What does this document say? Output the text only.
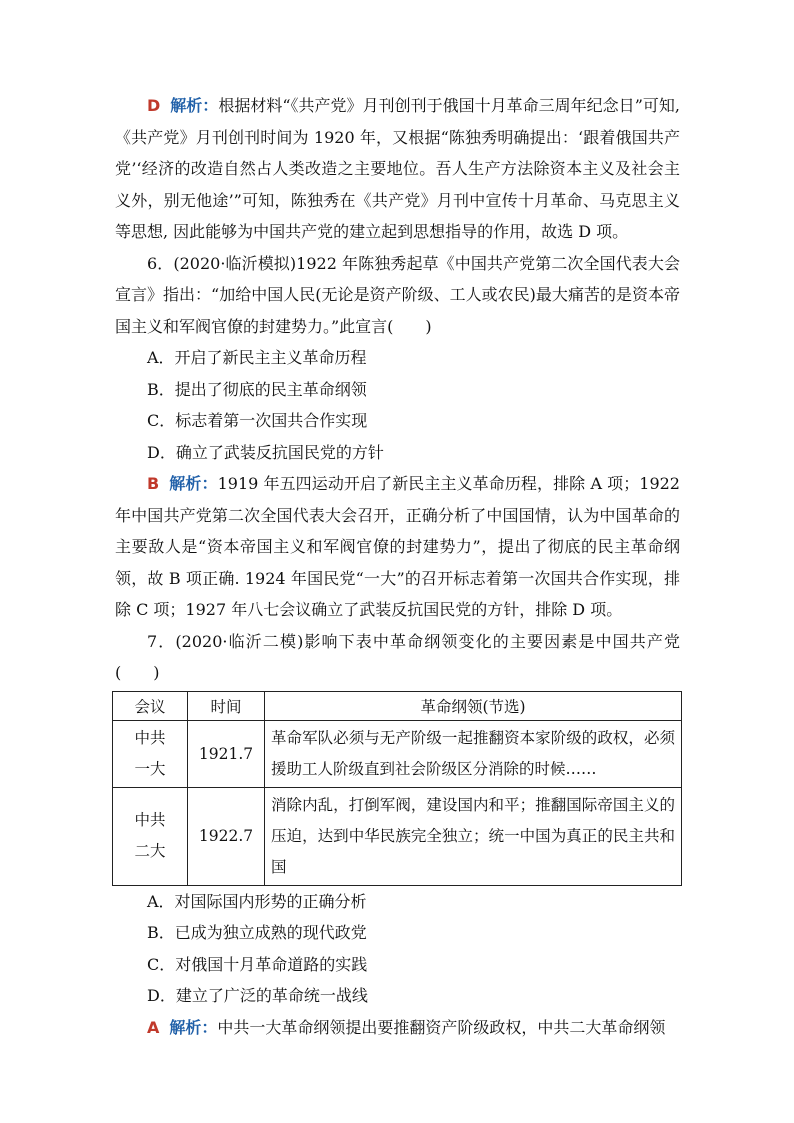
D 解析：根据材料“《共产党》月刊创刊于俄国十月革命三周年纪念日”可知,《共产党》月刊创刊时间为 1920 年，又根据“陈独秀明确提出：‘跟着俄国共产党’‘经济的改造自然占人类改造之主要地位。吾人生产方法除资本主义及社会主义外，别无他途’”可知，陈独秀在《共产党》月刊中宣传十月革命、马克思主义等思想, 因此能够为中国共产党的建立起到思想指导的作用，故选 D 项。

6．(2020·临沂模拟)1922 年陈独秀起草《中国共产党第二次全国代表大会宣言》指出：“加给中国人民(无论是资产阶级、工人或农民)最大痛苦的是资本帝国主义和军阀官僚的封建势力。”此宣言(　　)

A．开启了新民主主义革命历程

B．提出了彻底的民主革命纲领

C．标志着第一次国共合作实现

D．确立了武装反抗国民党的方针

B 解析：1919 年五四运动开启了新民主主义革命历程，排除 A 项；1922 年中国共产党第二次全国代表大会召开，正确分析了中国国情，认为中国革命的主要敌人是“资本帝国主义和军阀官僚的封建势力”，提出了彻底的民主革命纲领，故 B 项正确. 1924 年国民党“一大”的召开标志着第一次国共合作实现，排除 C 项；1927 年八七会议确立了武装反抗国民党的方针，排除 D 项。

7．(2020·临沂二模)影响下表中革命纲领变化的主要因素是中国共产党(　　)

会议	时间	革命纲领(节选)
中共
一大	1921.7	革命军队必须与无产阶级一起推翻资本家阶级的政权，必须援助工人阶级直到社会阶级区分消除的时候……
中共
二大	1922.7	消除内乱，打倒军阀，建设国内和平；推翻国际帝国主义的压迫，达到中华民族完全独立；统一中国为真正的民主共和国

A．对国际国内形势的正确分析

B．已成为独立成熟的现代政党

C．对俄国十月革命道路的实践

D．建立了广泛的革命统一战线

A 解析：中共一大革命纲领提出要推翻资产阶级政权，中共二大革命纲领
